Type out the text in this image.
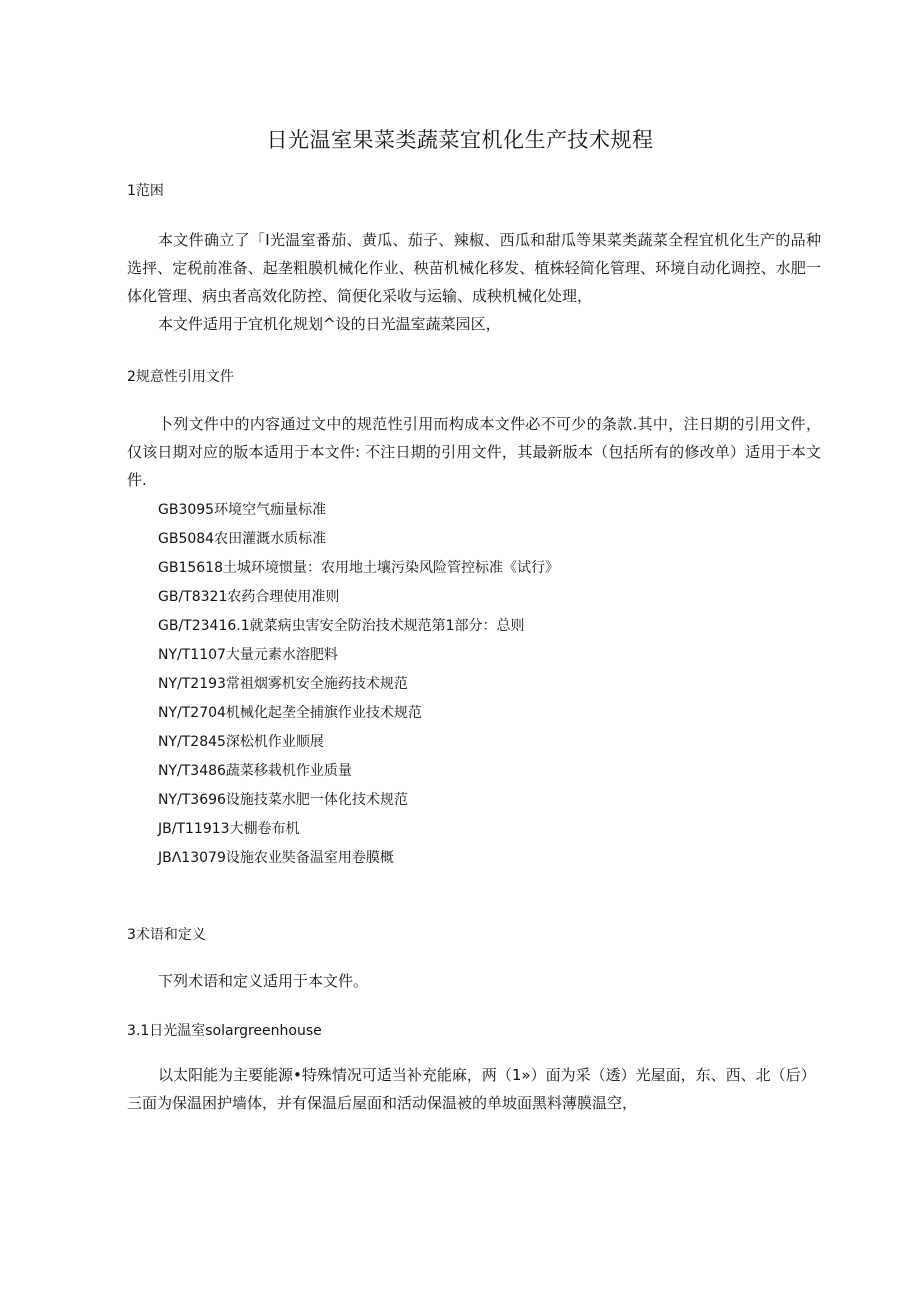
日光温室果菜类蔬菜宜机化生产技术规程
1范困
本文件确立了「I光温室番茄、黄瓜、茄子、辣椒、西瓜和甜瓜等果菜类蔬菜全程宜机化生产的品种选抨、定税前准备、起垄粗膜机械化作业、秧苗机械化移发、植株轻简化管理、环境自动化调控、水肥一体化管理、病虫者高效化防控、简便化采收与运输、成秧机械化处理，
本文件适用于宜机化规划^设的日光温室蔬菜园区，
2规意性引用文件
卜列文件中的内容通过文中的规范性引用而构成本文件必不可少的条款.其中，注日期的引用文件，仅该日期对应的版本适用于本文件: 不注日期的引用文件，其最新版本（包括所有的修改单）适用于本文件.
GB3095环境空气痂量标准
GB5084农田灌溉水质标准
GB15618土城环境惯量：农用地土壤污染风险管控标准《试行》
GB/T8321农药合理使用准则
GB/T23416.1就菜病虫害安全防治技术规范第1部分：总则
NY/T1107大量元素水溶肥料
NY/T2193常祖烟雾机安全施药技术规范
NY/T2704机械化起垄全捕旗作业技术规范
NY/T2845深松机作业顺展
NY/T3486蔬菜移栽机作业质量
NY/T3696设施技菜水肥一体化技术规范
JB/T11913大棚卷布机
JBΛ13079设施农业奘备温室用卷膜概
3术语和定义
下列术语和定义适用于本文件。
3.1日光温室solargreenhouse
以太阳能为主要能源•特殊情况可适当补充能麻，两（1»）面为采（透）光屋面，东、西、北（后）
三面为保温困护墙体，并有保温后屋面和活动保温被的单坡面黑料薄膜温空，
